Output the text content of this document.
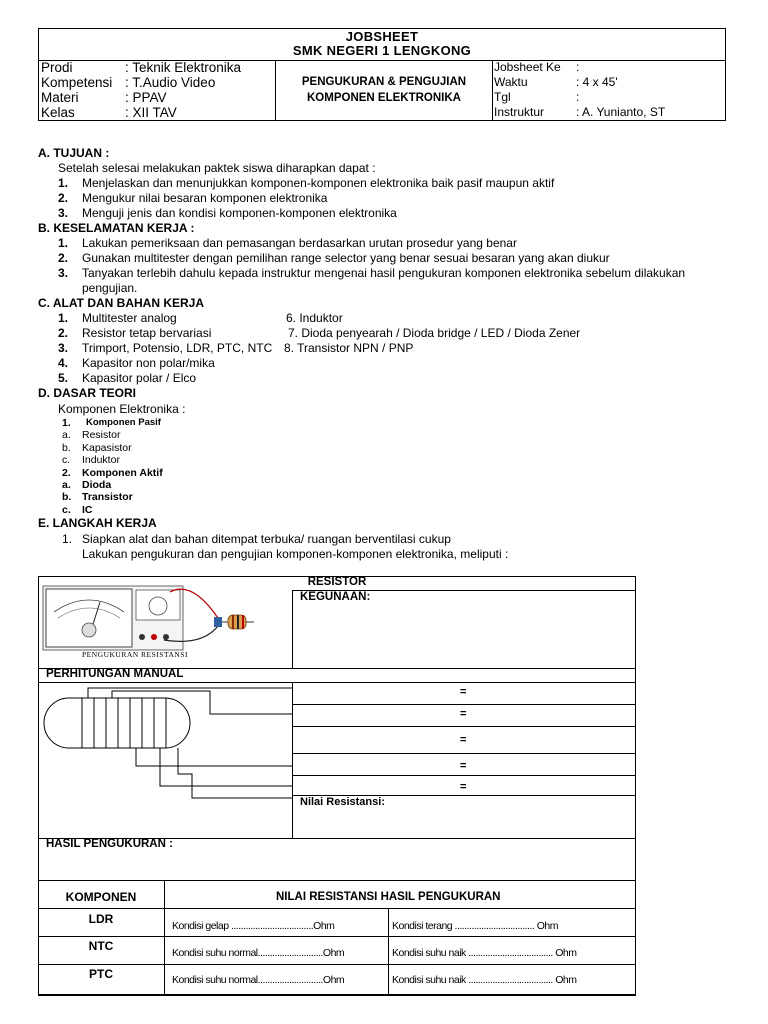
JOBSHEET
SMK NEGERI 1 LENGKONG
Prodi	: Teknik Elektronika
Kompetensi : T.Audio Video
Materi	: PPAV
Kelas	: XII TAV
PENGUKURAN & PENGUJIAN
KOMPONEN ELEKTRONIKA
Jobsheet Ke :
Waktu	: 4 x 45'
Tgl	:
Instruktur	: A. Yunianto, ST
A. TUJUAN :
Setelah selesai melakukan paktek siswa diharapkan dapat :
1. Menjelaskan dan menunjukkan komponen-komponen elektronika baik pasif maupun aktif
2. Mengukur nilai besaran komponen elektronika
3. Menguji jenis dan kondisi komponen-komponen elektronika
B. KESELAMATAN KERJA :
1. Lakukan pemeriksaan dan pemasangan berdasarkan urutan prosedur yang benar
2. Gunakan multitester dengan pemilihan range selector yang benar sesuai besaran yang akan diukur
3. Tanyakan terlebih dahulu kepada instruktur mengenai hasil pengukuran komponen elektronika sebelum dilakukan
pengujian.
C. ALAT DAN BAHAN KERJA
1. Multitester analog
2. Resistor tetap bervariasi
3. Trimport, Potensio, LDR, PTC, NTC
4. Kapasitor non polar/mika
5. Kapasitor polar / Elco
6. Induktor
7. Dioda penyearah / Dioda bridge / LED / Dioda Zener
8. Transistor NPN / PNP
D. DASAR TEORI
Komponen Elektronika :
1. Komponen Pasif
a. Resistor
b. Kapasistor
c. Induktor
2. Komponen Aktif
a. Dioda
b. Transistor
c. IC
E. LANGKAH KERJA
1. Siapkan alat dan bahan ditempat terbuka/ ruangan berventilasi cukup
Lakukan pengukuran dan pengujian komponen-komponen elektronika, meliputi :
RESISTOR
KEGUNAAN:
PENGUKURAN RESISTANSI
PERHITUNGAN MANUAL
=
=
=
=
=
Nilai Resistansi:
HASIL PENGUKURAN :
KOMPONEN	NILAI RESISTANSI HASIL PENGUKURAN
LDR	Kondisi gelap ..................................Ohm	Kondisi terang ................................. Ohm
NTC	Kondisi suhu normal...........................Ohm	Kondisi suhu naik ................................... Ohm
PTC	Kondisi suhu normal...........................Ohm	Kondisi suhu naik ................................... Ohm
